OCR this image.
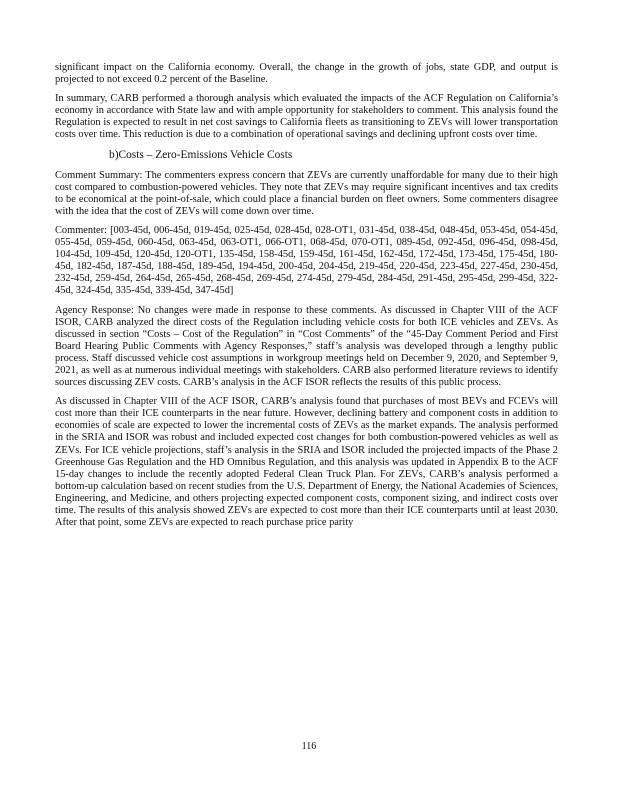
significant impact on the California economy. Overall, the change in the growth of jobs, state GDP, and output is projected to not exceed 0.2 percent of the Baseline.

In summary, CARB performed a thorough analysis which evaluated the impacts of the ACF Regulation on California’s economy in accordance with State law and with ample opportunity for stakeholders to comment. This analysis found the Regulation is expected to result in net cost savings to California fleets as transitioning to ZEVs will lower transportation costs over time. This reduction is due to a combination of operational savings and declining upfront costs over time.

b)Costs – Zero-Emissions Vehicle Costs

Comment Summary: The commenters express concern that ZEVs are currently unaffordable for many due to their high cost compared to combustion-powered vehicles. They note that ZEVs may require significant incentives and tax credits to be economical at the point-of-sale, which could place a financial burden on fleet owners. Some commenters disagree with the idea that the cost of ZEVs will come down over time.

Commenter: [003-45d, 006-45d, 019-45d, 025-45d, 028-45d, 028-OT1, 031-45d, 038-45d, 048-45d, 053-45d, 054-45d, 055-45d, 059-45d, 060-45d, 063-45d, 063-OT1, 066-OT1, 068-45d, 070-OT1, 089-45d, 092-45d, 096-45d, 098-45d, 104-45d, 109-45d, 120-45d, 120-OT1, 135-45d, 158-45d, 159-45d, 161-45d, 162-45d, 172-45d, 173-45d, 175-45d, 180-45d, 182-45d, 187-45d, 188-45d, 189-45d, 194-45d, 200-45d, 204-45d, 219-45d, 220-45d, 223-45d, 227-45d, 230-45d, 232-45d, 259-45d, 264-45d, 265-45d, 268-45d, 269-45d, 274-45d, 279-45d, 284-45d, 291-45d, 295-45d, 299-45d, 322-45d, 324-45d, 335-45d, 339-45d, 347-45d]

Agency Response: No changes were made in response to these comments. As discussed in Chapter VIII of the ACF ISOR, CARB analyzed the direct costs of the Regulation including vehicle costs for both ICE vehicles and ZEVs. As discussed in section “Costs – Cost of the Regulation” in “Cost Comments” of the “45-Day Comment Period and First Board Hearing Public Comments with Agency Responses,” staff’s analysis was developed through a lengthy public process. Staff discussed vehicle cost assumptions in workgroup meetings held on December 9, 2020, and September 9, 2021, as well as at numerous individual meetings with stakeholders. CARB also performed literature reviews to identify sources discussing ZEV costs. CARB’s analysis in the ACF ISOR reflects the results of this public process.

As discussed in Chapter VIII of the ACF ISOR, CARB’s analysis found that purchases of most BEVs and FCEVs will cost more than their ICE counterparts in the near future. However, declining battery and component costs in addition to economies of scale are expected to lower the incremental costs of ZEVs as the market expands. The analysis performed in the SRIA and ISOR was robust and included expected cost changes for both combustion-powered vehicles as well as ZEVs. For ICE vehicle projections, staff’s analysis in the SRIA and ISOR included the projected impacts of the Phase 2 Greenhouse Gas Regulation and the HD Omnibus Regulation, and this analysis was updated in Appendix B to the ACF 15-day changes to include the recently adopted Federal Clean Truck Plan. For ZEVs, CARB’s analysis performed a bottom-up calculation based on recent studies from the U.S. Department of Energy, the National Academies of Sciences, Engineering, and Medicine, and others projecting expected component costs, component sizing, and indirect costs over time. The results of this analysis showed ZEVs are expected to cost more than their ICE counterparts until at least 2030. After that point, some ZEVs are expected to reach purchase price parity

116
